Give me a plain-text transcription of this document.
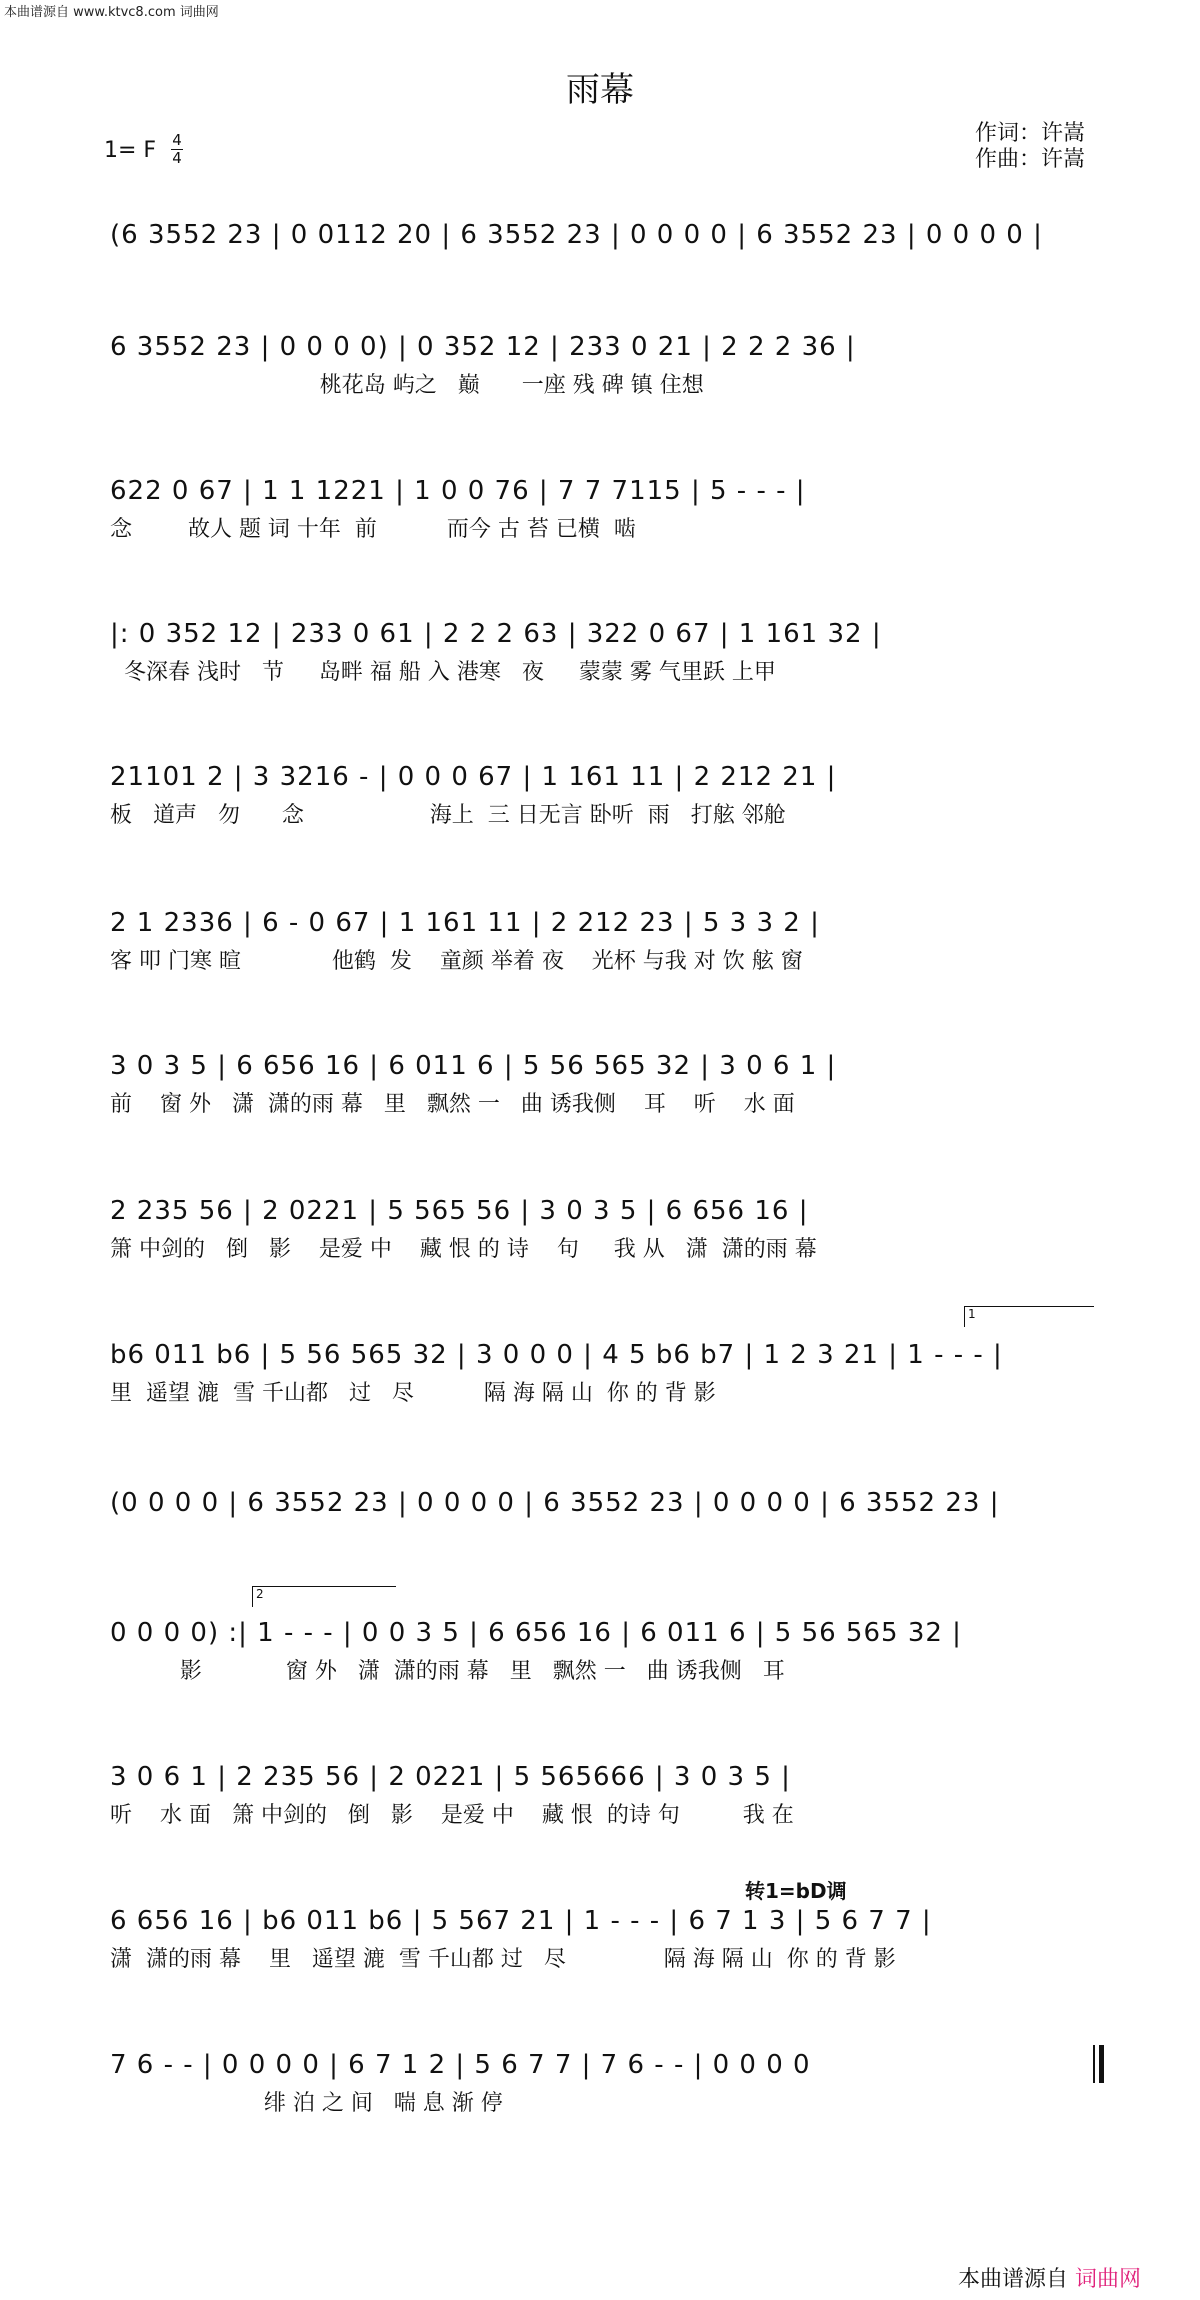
本曲谱源自 www.ktvc8.com 词曲网
雨幕
作词：许嵩
作曲：许嵩
1= F 4
4
(6 3552 23 | 0 0112 20 | 6 3552 23 | 0 0 0 0 | 6 3552 23 | 0 0 0 0 |
6 3552 23 | 0 0 0 0) | 0 352 12 | 233 0 21 | 2 2 2 36 |
桃花岛 屿之   巅      一座 残 碑 镇 住想
622 0 67 | 1 1 1221 | 1 0 0 76 | 7 7 7115 | 5 - - - |
念        故人 题 词 十年  前          而今 古 苔 已横  啮
|: 0 352 12 | 233 0 61 | 2 2 2 63 | 322 0 67 | 1 161 32 |
冬深春 浅时   节     岛畔 福 船 入 港寒   夜     蒙蒙 雾 气里跃 上甲
21101 2 | 3 3216 - | 0 0 0 67 | 1 161 11 | 2 212 21 |
板   道声   勿      念                  海上  三 日无言 卧听  雨   打舷 邻舱
2 1 2336 | 6 - 0 67 | 1 161 11 | 2 212 23 | 5 3 3 2 |
客 叩 门寒 暄             他鹤  发    童颜 举着 夜    光杯 与我 对 饮 舷 窗
3 0 3 5 | 6 656 16 | 6 011 6 | 5 56 565 32 | 3 0 6 1 |
前    窗 外   潇  潇的雨 幕   里   飘然 一   曲 诱我侧    耳    听    水 面
2 235 56 | 2 0221 | 5 565 56 | 3 0 3 5 | 6 656 16 |
箫 中剑的   倒   影    是爱 中    藏 恨 的 诗    句     我 从   潇  潇的雨 幕
1
b6 011 b6 | 5 56 565 32 | 3 0 0 0 | 4 5 b6 b7 | 1 2 3 21 | 1 - - - |
里  遥望 漉  雪 千山都   过   尽          隔 海 隔 山  你 的 背 影
(0 0 0 0 | 6 3552 23 | 0 0 0 0 | 6 3552 23 | 0 0 0 0 | 6 3552 23 |
2
0 0 0 0) :| 1 - - - | 0 0 3 5 | 6 656 16 | 6 011 6 | 5 56 565 32 |
影            窗 外   潇  潇的雨 幕   里   飘然 一   曲 诱我侧   耳
3 0 6 1 | 2 235 56 | 2 0221 | 5 565666 | 3 0 3 5 |
听    水 面   箫 中剑的   倒   影    是爱 中    藏 恨  的诗 句         我 在
转1=bD调
6 656 16 | b6 011 b6 | 5 567 21 | 1 - - - | 6 7 1 3 | 5 6 7 7 |
潇  潇的雨 幕    里   遥望 漉  雪 千山都 过   尽              隔 海 隔 山  你 的 背 影
7 6 - - | 0 0 0 0 | 6 7 1 2 | 5 6 7 7 | 7 6 - - | 0 0 0 0
绯 泊 之 间   喘 息 渐 停
本曲谱源自 词曲网
